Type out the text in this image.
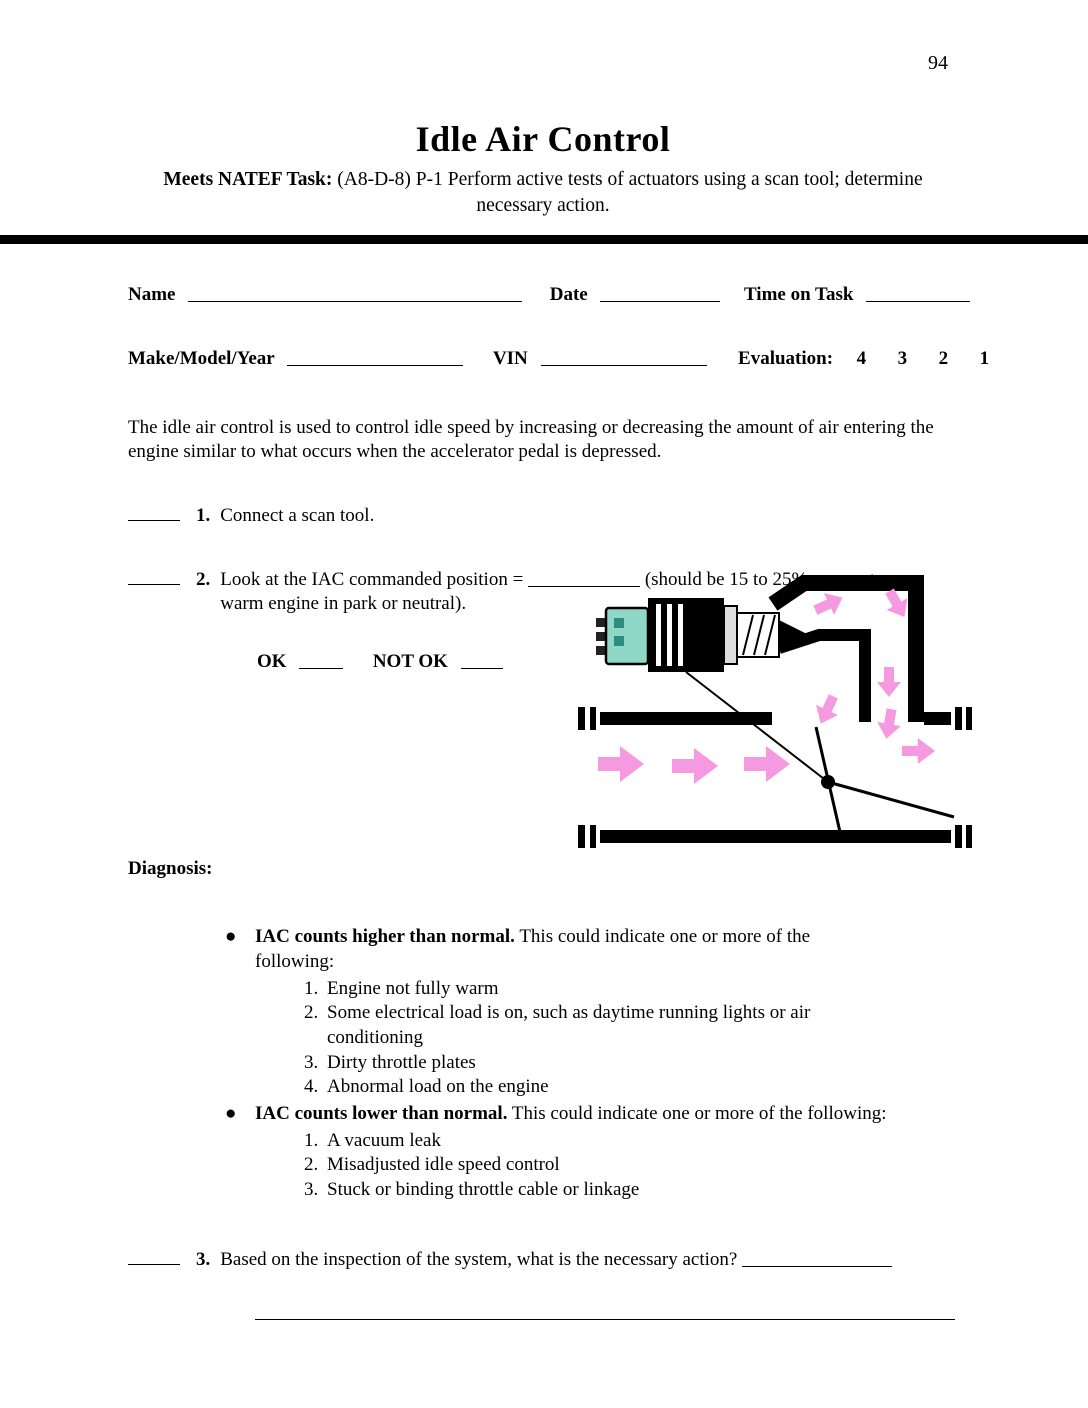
94
Idle Air Control
Meets NATEF Task: (A8-D-8) P-1 Perform active tests of actuators using a scan tool; determine
necessary action.
Name	Date	Time on Task
Make/Model/Year	VIN	Evaluation: 4 3 2 1
The idle air control is used to control idle speed by increasing or decreasing the amount of air entering the engine similar to what occurs when the accelerator pedal is depressed.
1. Connect a scan tool.
2. Look at the IAC commanded position =	(should be 15 to 25% or counts on a warm engine in park or neutral).
OK	NOT OK
Diagnosis:
● IAC counts higher than normal. This could indicate one or more of the following:
1. Engine not fully warm
2. Some electrical load is on, such as daytime running lights or air conditioning
3. Dirty throttle plates
4. Abnormal load on the engine
● IAC counts lower than normal. This could indicate one or more of the following:
1. A vacuum leak
2. Misadjusted idle speed control
3. Stuck or binding throttle cable or linkage
3. Based on the inspection of the system, what is the necessary action?
